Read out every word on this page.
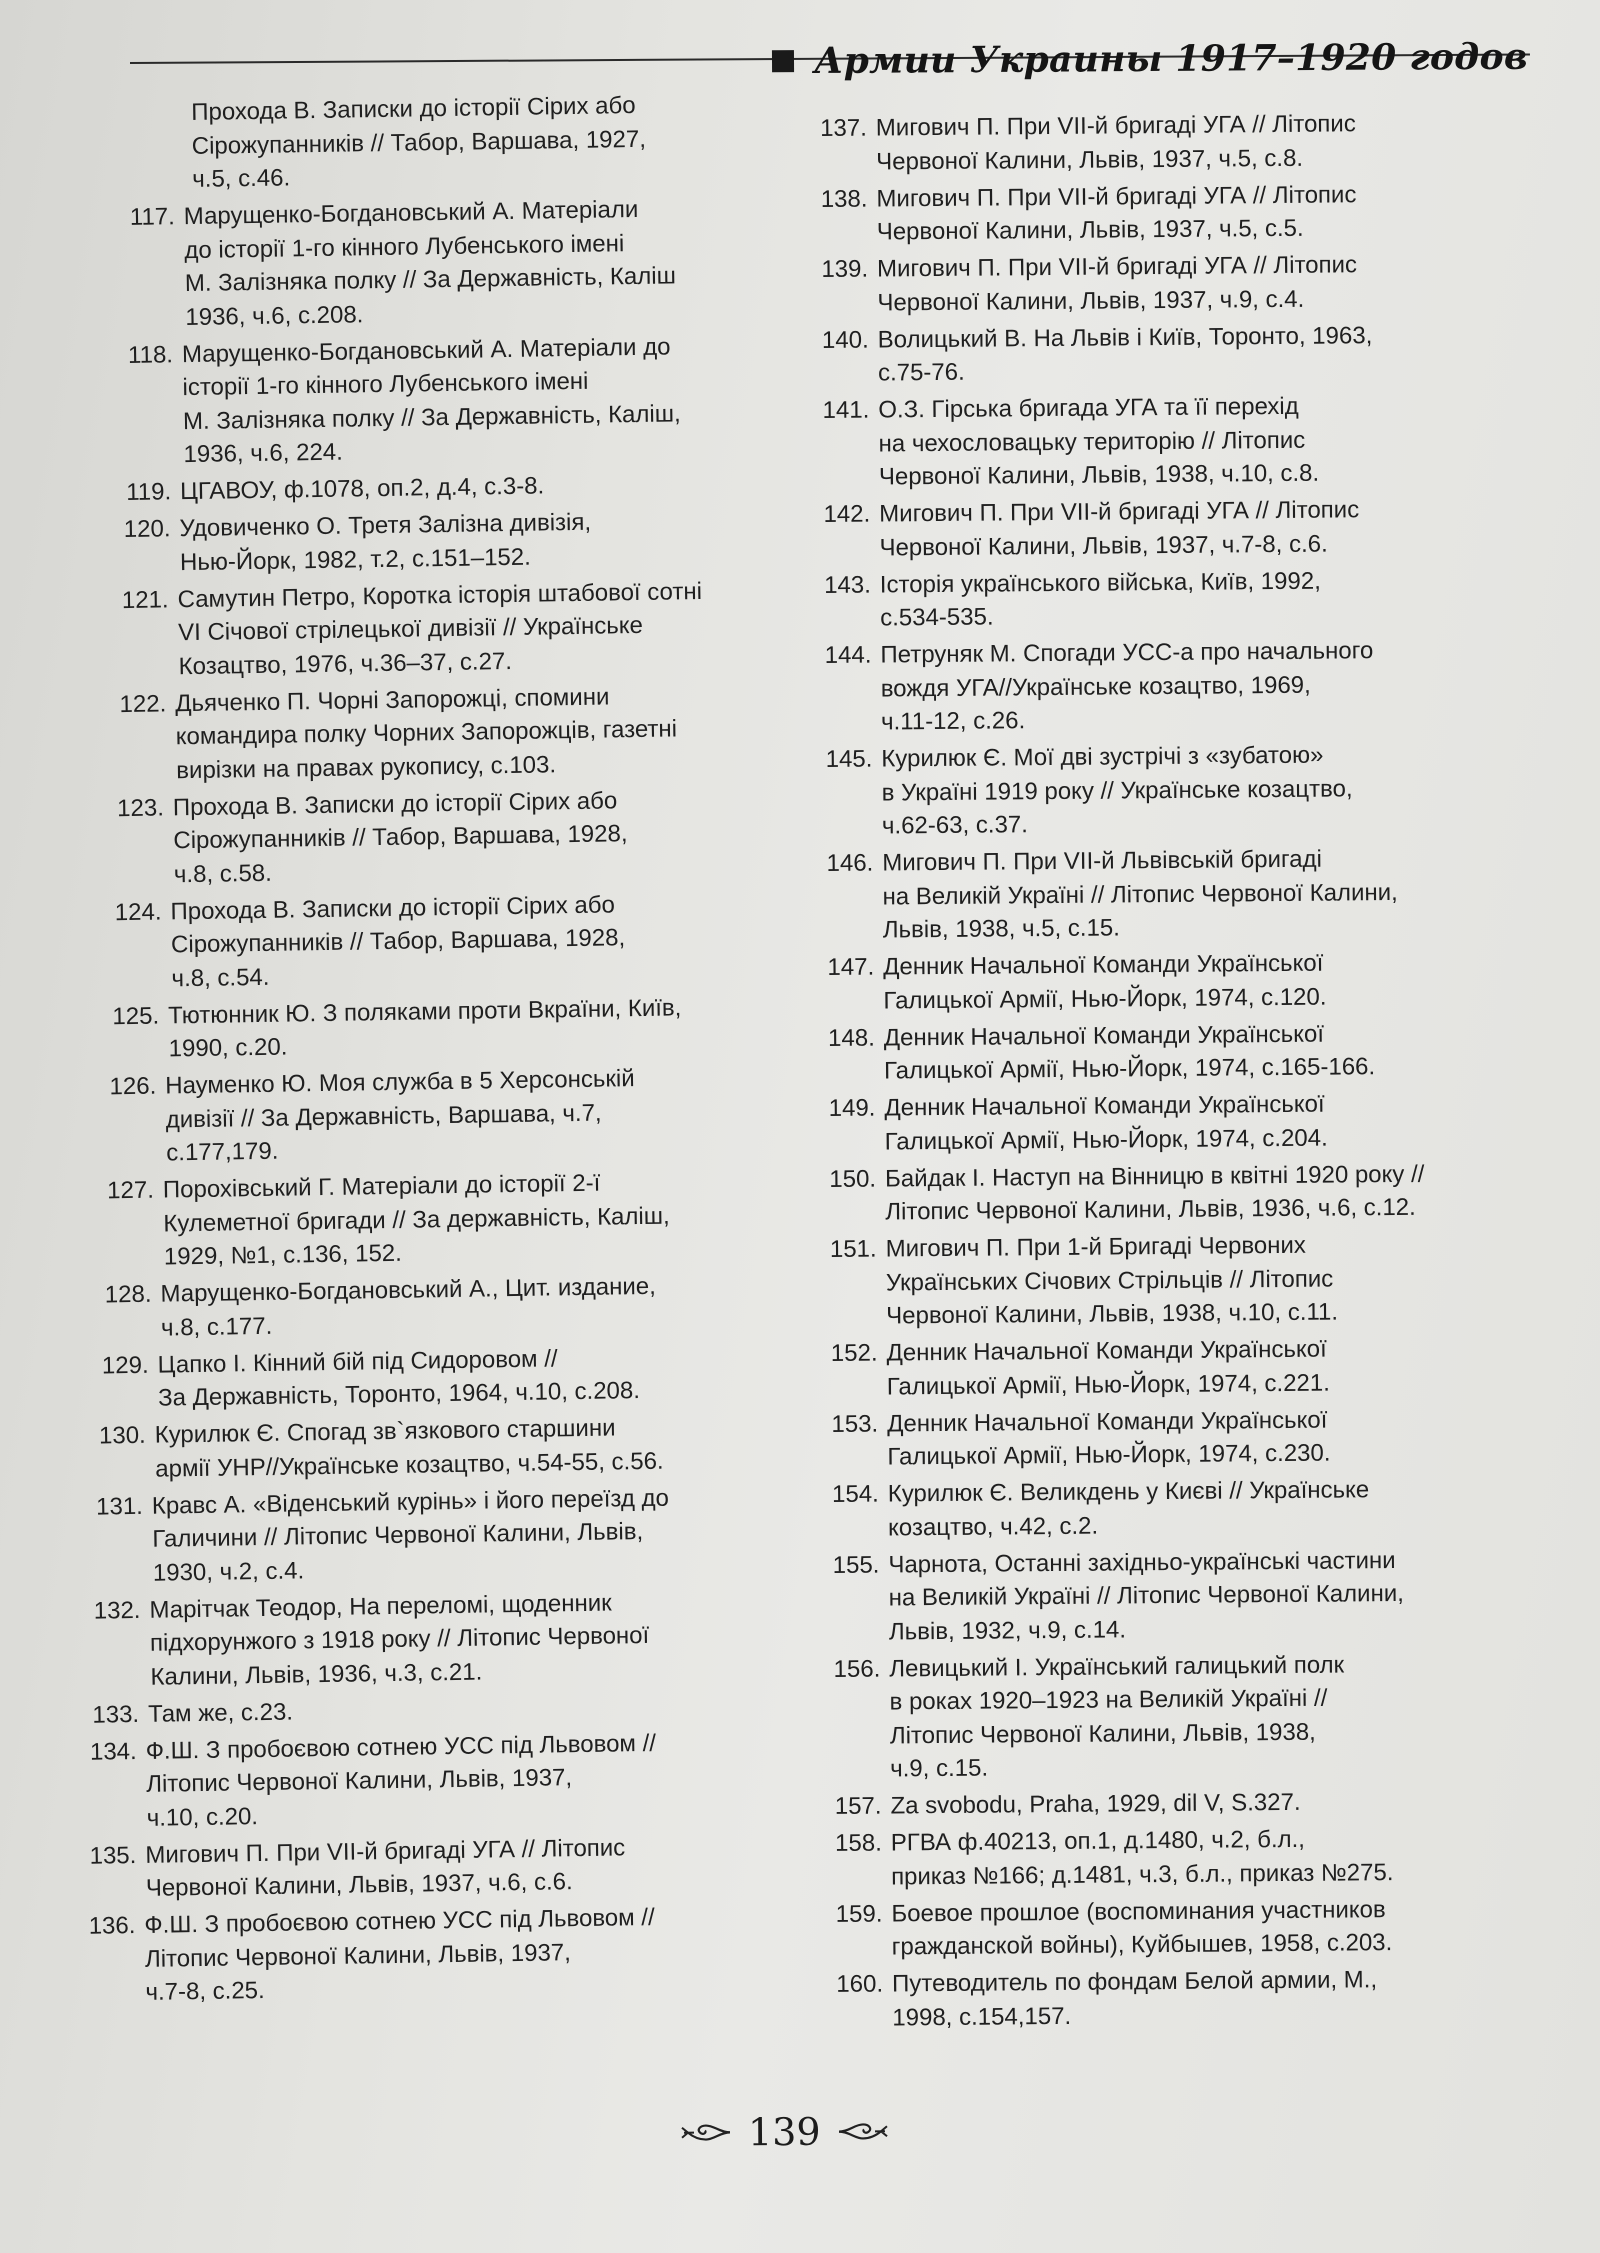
Армии Украины 1917–1920 годов
Прохода В. Записки до історії Сірих або
Сірожупанників // Табор, Варшава, 1927,
ч.5, с.46.
117. Марущенко-Богдановський А. Матеріали
до історії 1-го кінного Лубенського імені
М. Залізняка полку // За Державність, Каліш
1936, ч.6, с.208.
118. Марущенко-Богдановський А. Матеріали до
історії 1-го кінного Лубенського імені
М. Залізняка полку // За Державність, Каліш,
1936, ч.6, 224.
119. ЦГАВОУ, ф.1078, оп.2, д.4, с.3-8.
120. Удовиченко О. Третя Залізна дивізія,
Нью-Йорк, 1982, т.2, с.151–152.
121. Самутин Петро, Коротка історія штабової сотні
VI Січової стрілецької дивізії // Українське
Козацтво, 1976, ч.36–37, с.27.
122. Дьяченко П. Чорні Запорожці, спомини
командира полку Чорних Запорожців, газетні
вирізки на правах рукопису, с.103.
123. Прохода В. Записки до історії Сірих або
Сірожупанників // Табор, Варшава, 1928,
ч.8, с.58.
124. Прохода В. Записки до історії Сірих або
Сірожупанників // Табор, Варшава, 1928,
ч.8, с.54.
125. Тютюнник Ю. З поляками проти Вкраїни, Київ,
1990, с.20.
126. Науменко Ю. Моя служба в 5 Херсонській
дивізії // За Державність, Варшава, ч.7,
с.177,179.
127. Порохівський Г. Матеріали до історії 2-ї
Кулеметної бригади // За державність, Каліш,
1929, №1, с.136, 152.
128. Марущенко-Богдановський А., Цит. издание,
ч.8, с.177.
129. Цапко І. Кінний бій під Сидоровом //
За Державність, Торонто, 1964, ч.10, с.208.
130. Курилюк Є. Спогад зв`язкового старшини
армії УНР//Українське козацтво, ч.54-55, с.56.
131. Кравс А. «Віденський курінь» і його переїзд до
Галичини // Літопис Червоної Калини, Львів,
1930, ч.2, с.4.
132. Марітчак Теодор, На переломі, щоденник
підхорунжого з 1918 року // Літопис Червоної
Калини, Львів, 1936, ч.3, с.21.
133. Там же, с.23.
134. Ф.Ш. З пробоєвою сотнею УСС під Львовом //
Літопис Червоної Калини, Львів, 1937,
ч.10, с.20.
135. Мигович П. При VII-й бригаді УГА // Літопис
Червоної Калини, Львів, 1937, ч.6, с.6.
136. Ф.Ш. З пробоєвою сотнею УСС під Львовом //
Літопис Червоної Калини, Львів, 1937,
ч.7-8, с.25.
137. Мигович П. При VII-й бригаді УГА // Літопис
Червоної Калини, Львів, 1937, ч.5, с.8.
138. Мигович П. При VII-й бригаді УГА // Літопис
Червоної Калини, Львів, 1937, ч.5, с.5.
139. Мигович П. При VII-й бригаді УГА // Літопис
Червоної Калини, Львів, 1937, ч.9, с.4.
140. Волицький В. На Львів і Київ, Торонто, 1963,
с.75-76.
141. О.З. Гірська бригада УГА та її перехід
на чехословацьку територію // Літопис
Червоної Калини, Львів, 1938, ч.10, с.8.
142. Мигович П. При VII-й бригаді УГА // Літопис
Червоної Калини, Львів, 1937, ч.7-8, с.6.
143. Історія українського війська, Київ, 1992,
с.534-535.
144. Петруняк М. Спогади УСС-а про начального
вождя УГА//Українське козацтво, 1969,
ч.11-12, с.26.
145. Курилюк Є. Мої дві зустрічі з «зубатою»
в Україні 1919 року // Українське козацтво,
ч.62-63, с.37.
146. Мигович П. При VII-й Львівській бригаді
на Великій Україні // Літопис Червоної Калини,
Львів, 1938, ч.5, с.15.
147. Денник Начальної Команди Української
Галицької Армії, Нью-Йорк, 1974, с.120.
148. Денник Начальної Команди Української
Галицької Армії, Нью-Йорк, 1974, с.165-166.
149. Денник Начальної Команди Української
Галицької Армії, Нью-Йорк, 1974, с.204.
150. Байдак І. Наступ на Вінницю в квітні 1920 року //
Літопис Червоної Калини, Львів, 1936, ч.6, с.12.
151. Мигович П. При 1-й Бригаді Червоних
Українських Січових Стрільців // Літопис
Червоної Калини, Львів, 1938, ч.10, с.11.
152. Денник Начальної Команди Української
Галицької Армії, Нью-Йорк, 1974, с.221.
153. Денник Начальної Команди Української
Галицької Армії, Нью-Йорк, 1974, с.230.
154. Курилюк Є. Великдень у Києві // Українське
козацтво, ч.42, с.2.
155. Чарнота, Останні західньо-українські частини
на Великій Україні // Літопис Червоної Калини,
Львів, 1932, ч.9, с.14.
156. Левицький І. Український галицький полк
в роках 1920–1923 на Великій Україні //
Літопис Червоної Калини, Львів, 1938,
ч.9, с.15.
157. Za svobodu, Praha, 1929, dil V, S.327.
158. РГВА ф.40213, оп.1, д.1480, ч.2, б.л.,
приказ №166; д.1481, ч.3, б.л., приказ №275.
159. Боевое прошлое (воспоминания участников
гражданской войны), Куйбышев, 1958, с.203.
160. Путеводитель по фондам Белой армии, М.,
1998, с.154,157.
139
